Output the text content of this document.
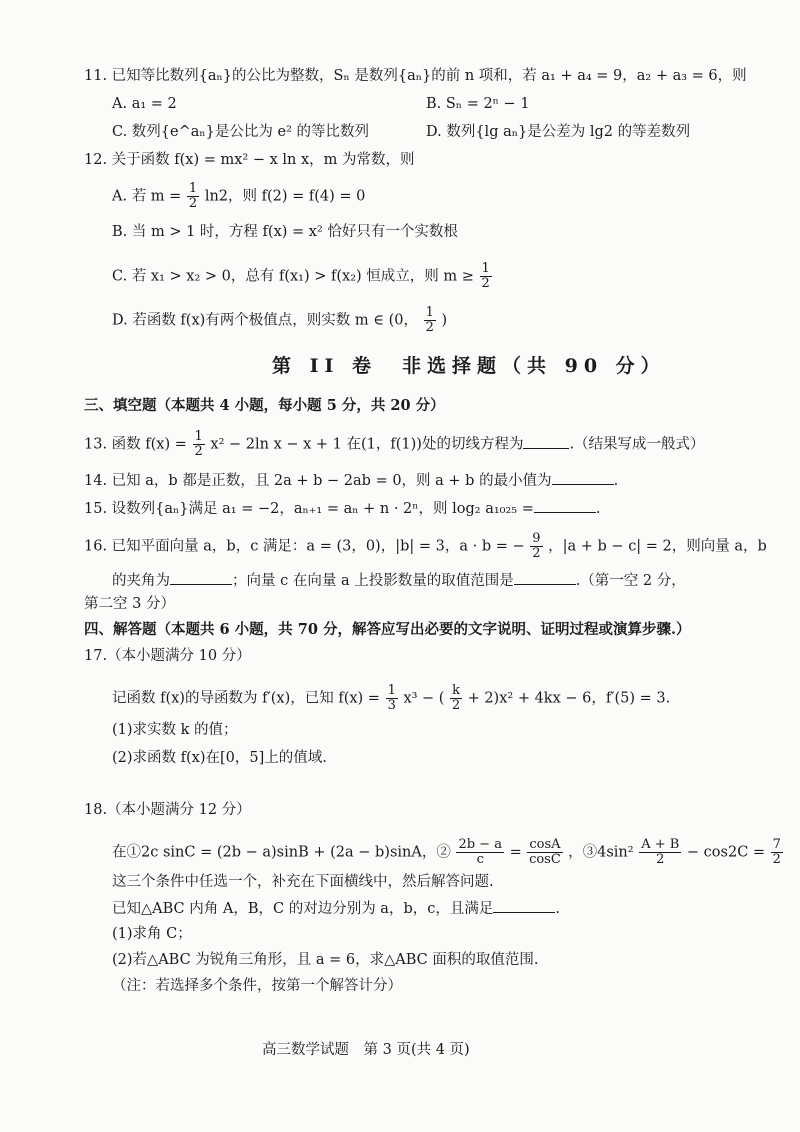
11. 已知等比数列{aₙ}的公比为整数，Sₙ 是数列{aₙ}的前 n 项和，若 a₁ + a₄ = 9，a₂ + a₃ = 6，则
A. a₁ = 2	B. Sₙ = 2ⁿ − 1
C. 数列{e^aₙ}是公比为 e² 的等比数列	D. 数列{lg aₙ}是公差为 lg2 的等差数列
12. 关于函数 f(x) = mx² − x ln x，m 为常数，则
A. 若 $m = \frac{1}{2} \ln 2$，则 f(2) = f(4) = 0
B. 当 m > 1 时，方程 f(x) = x² 恰好只有一个实数根
C. 若 x₁ > x₂ > 0，总有 f(x₁) > f(x₂) 恒成立，则 $m \ge \frac{1}{2}$
D. 若函数 f(x)有两个极值点，则实数 m ∈ (0， $\frac{1}{2}$ )
第 II 卷　非选择题（共 90 分）
三、填空题（本题共 4 小题，每小题 5 分，共 20 分）
13. 函数 $f(x) = \frac{1}{2} x^2 - 2\ln$ x − x + 1 在(1，f(1))处的切线方程为	.（结果写成一般式）
14. 已知 a，b 都是正数，且 2a + b − 2ab = 0，则 a + b 的最小值为	.
15. 设数列{aₙ}满足 a₁ = −2，aₙ₊₁ = aₙ + n · 2ⁿ，则 log₂ a₁₀₂₅ =	.
16. 已知平面向量 a，b，c 满足：a = (3，0)，|b| = 3，a · b = − $\frac{9}{2}$ ，|a + b − c| = 2，则向量 a，b
的夹角为	；向量 c 在向量 a 上投影数量的取值范围是	.（第一空 2 分，
第二空 3 分）
四、解答题（本题共 6 小题，共 70 分，解答应写出必要的文字说明、证明过程或演算步骤.）
17.（本小题满分 10 分）
记函数 f(x)的导函数为 f′(x)，已知 $f(x) = \frac{1}{3} x^3$ − ( $\frac{k}{2} + 2)x^2 + 4kx - 6$，f′(5) = 3.
(1)求实数 k 的值；
(2)求函数 f(x)在[0，5]上的值域.
18.（本小题满分 12 分）
在①2c sinC = (2b − a)sinB + (2a − b)sinA，② $\frac{2b - a}{c} = \frac{\cos A}{\cos C}$ ，③4sin² $\frac{A + B}{2} - \cos 2C = \frac{7}{2}$
这三个条件中任选一个，补充在下面横线中，然后解答问题.
已知△ABC 内角 A，B，C 的对边分别为 a，b，c，且满足	.
(1)求角 C；
(2)若△ABC 为锐角三角形，且 a = 6，求△ABC 面积的取值范围.
（注：若选择多个条件，按第一个解答计分）
高三数学试题　第 3 页(共 4 页)
